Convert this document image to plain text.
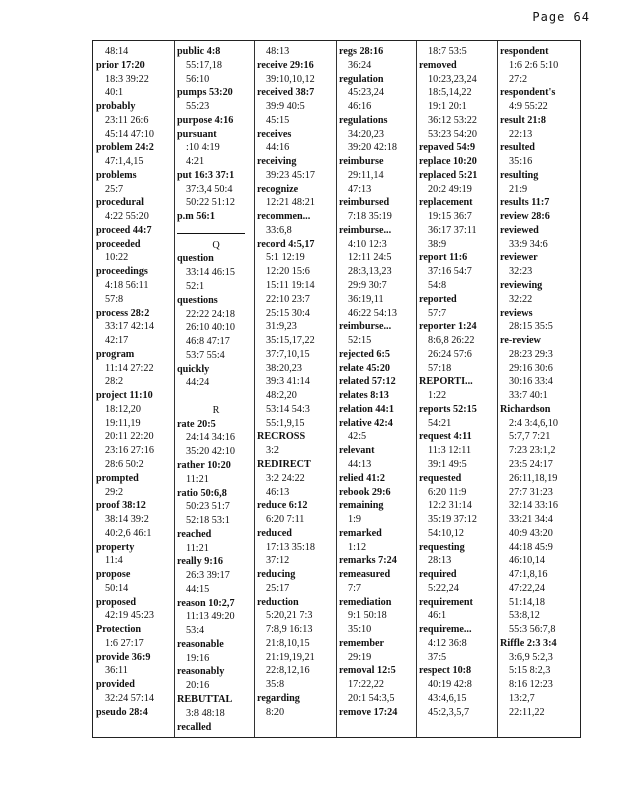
Page 64
48:14
prior 17:20
18:3 39:22
40:1
probably
23:11 26:6
45:14 47:10
problem 24:2
47:1,4,15
problems
25:7
procedural
4:22 55:20
proceed 44:7
proceeded
10:22
proceedings
4:18 56:11
57:8
process 28:2
33:17 42:14
42:17
program
11:14 27:22
28:2
project 11:10
18:12,20
19:11,19
20:11 22:20
23:16 27:16
28:6 50:2
prompted
29:2
proof 38:12
38:14 39:2
40:2,6 46:1
property
11:4
propose
50:14
proposed
42:19 45:23
Protection
1:6 27:17
provide 36:9
36:11
provided
32:24 57:14
pseudo 28:4
public 4:8
55:17,18
56:10
pumps 53:20
55:23
purpose 4:16
pursuant
:10 4:19
4:21
put 16:3 37:1
37:3,4 50:4
50:22 51:12
p.m 56:1
Q
question
33:14 46:15
52:1
questions
22:22 24:18
26:10 40:10
46:8 47:17
53:7 55:4
quickly
44:24
R
rate 20:5
24:14 34:16
35:20 42:10
rather 10:20
11:21
ratio 50:6,8
50:23 51:7
52:18 53:1
reached
11:21
really 9:16
26:3 39:17
44:15
reason 10:2,7
11:13 49:20
53:4
reasonable
19:16
reasonably
20:16
REBUTTAL
3:8 48:18
recalled
48:13
receive 29:16
39:10,10,12
received 38:7
39:9 40:5
45:15
receives
44:16
receiving
39:23 45:17
recognize
12:21 48:21
recommen...
33:6,8
record 4:5,17
5:1 12:19
12:20 15:6
15:11 19:14
22:10 23:7
25:15 30:4
31:9,23
35:15,17,22
37:7,10,15
38:20,23
39:3 41:14
48:2,20
53:14 54:3
55:1,9,15
RECROSS
3:2
REDIRECT
3:2 24:22
46:13
reduce 6:12
6:20 7:11
reduced
17:13 35:18
37:12
reducing
25:17
reduction
5:20,21 7:3
7:8,9 16:13
21:8,10,15
21:19,19,21
22:8,12,16
35:8
regarding
8:20
regs 28:16
36:24
regulation
45:23,24
46:16
regulations
34:20,23
39:20 42:18
reimburse
29:11,14
47:13
reimbursed
7:18 35:19
reimburse...
4:10 12:3
12:11 24:5
28:3,13,23
29:9 30:7
36:19,11
46:22 54:13
reimburse...
52:15
rejected 6:5
relate 45:20
related 57:12
relates 8:13
relation 44:1
relative 42:4
42:5
relevant
44:13
relied 41:2
rebook 29:6
remaining
1:9
remarked
1:12
remarks 7:24
remeasured
7:7
remediation
9:1 50:18
35:10
remember
29:19
removal 12:5
17:22,22
20:1 54:3,5
remove 17:24
18:7 53:5
removed
10:23,23,24
18:5,14,22
19:1 20:1
36:12 53:22
53:23 54:20
repaved 54:9
replace 10:20
replaced 5:21
20:2 49:19
replacement
19:15 36:7
36:17 37:11
38:9
report 11:6
37:16 54:7
54:8
reported
57:7
reporter 1:24
8:6,8 26:22
26:24 57:6
57:18
REPORTI...
1:22
reports 52:15
54:21
request 4:11
11:3 12:11
39:1 49:5
requested
6:20 11:9
12:2 31:14
35:19 37:12
54:10,12
requesting
28:13
required
5:22,24
requirement
46:1
requireme...
4:12 36:8
37:5
respect 10:8
40:19 42:8
43:4,6,15
45:2,3,5,7
respondent
1:6 2:6 5:10
27:2
respondent's
4:9 55:22
result 21:8
22:13
resulted
35:16
resulting
21:9
results 11:7
review 28:6
reviewed
33:9 34:6
reviewer
32:23
reviewing
32:22
reviews
28:15 35:5
re-review
28:23 29:3
29:16 30:6
30:16 33:4
33:7 40:1
Richardson
2:4 3:4,6,10
5:7,7 7:21
7:23 23:1,2
23:5 24:17
26:11,18,19
27:7 31:23
32:14 33:16
33:21 34:4
40:9 43:20
44:18 45:9
46:10,14
47:1,8,16
47:22,24
51:14,18
53:8,12
55:3 56:7,8
Riffle 2:3 3:4
3:6,9 5:2,3
5:15 8:2,3
8:16 12:23
13:2,7
22:11,22
